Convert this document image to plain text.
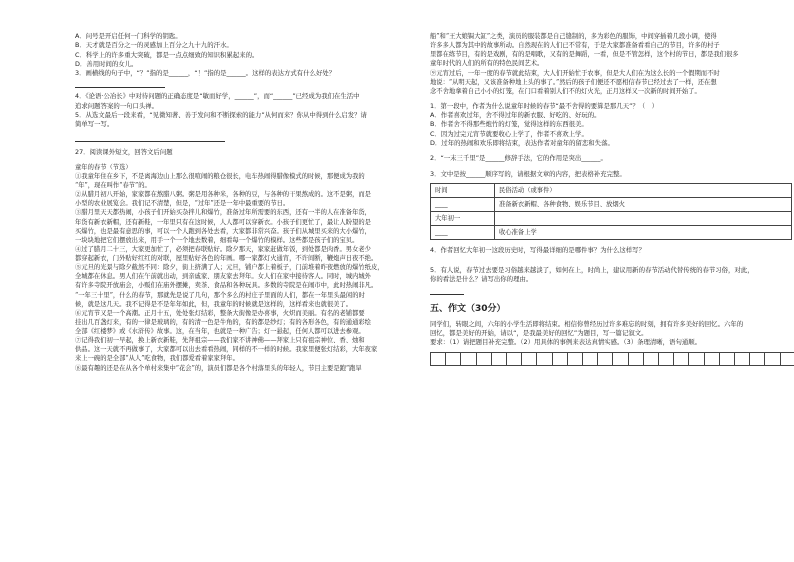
A．问号是开启任何一门科学的钥匙。

B．天才就是百分之一的灵感加上百分之九十九的汗水。

C．科学上的许多重大突破，都是一点点细致的知识积累起来的。

D．善用时间的女儿。

3．画横线的句子中，“？”指的是______，“！”指的是______。这样的表达方式有什么好处？

4．《论语·公冶长》中对待问题的正确态度是“敏而好学，______”，而“______”已经成为我们在生活中

追求问题答案的一句口头禅。

5．从选文最后一段来看，“见微知著、善于发问和不断探索的能力”从何而来？你从中得到什么启发？请

简单写一写。

27．阅读课外短文，回答文后问题

童年的春节（节选）

①我童年住在乡下，不是离海边山上那么很喧闹的粮仓很长，电车热闹得腊像模式的时候，那便成为我的

“年”，现在叫作“春节”的。

②从腊月初八开始，家家都在熬腊八粥。粥是用各种米，各种的豆，与各种的干果熬成的。这不是粥，而是

小型的农业展览会。我们记不清楚，但是，“过年”还是一年中最重要的节日。

③腊月里天天都热闹，小孩子们开始买杂拌儿和爆竹，准备过年所需要的东西，还有一半的人在准备年货，

年货有新衣新帽，还有新鞋，一年里只有在这时候，人人都可以穿新衣。小孩子们更忙了，最让人盼望的是

买爆竹，也是最有意思的事，可以一个人跑到各处去看，大家都非常兴奋。孩子们从城里买来的大小爆竹，

一块块地把它们摆放出来，用手一个一个地去数着，细看每一个爆竹的模样。这些都是孩子们的宝贝。

④过了腊月二十三，大家更加忙了，必须把春联贴好。除夕那天，家家赶做年饭，到处都是肉香。男女老少

都穿起新衣，门外贴好红红的对联，屋里贴好各色的年画。哪一家都灯火通宵，不许间断，鞭炮声日夜不绝。

⑤元旦的光景与除夕截然不同：除夕，街上挤满了人；元旦，铺户都上着板子，门前堆着昨夜燃放的爆竹纸皮，

全城都在休息。男人们在午前就出动，到亲戚家、朋友家去拜年。女人们在家中接待客人。同时，城内城外

有许多寺院开放庙会，小贩们在庙外摆摊，卖茶、食品和各种玩具。多数的寺院是在闹市中，此时热闹非凡。

“一年三十里”，什么的春节，那就先是说了几句，那个多么的村庄子里面的人们，都在一年里头最闲的时

候，就是这几天。我不记得是不是年年如此，但，我童年的时候就是这样的，这样看来也就很美了。

⑥元宵节又是一个高潮。正月十五，处处张灯结彩，整条大街像是办喜事，火炽而美丽。有名的老铺都要

挂出几百盏灯来，有的一律是玻璃的，有的清一色是牛角的，有的都是纱灯；有的各形各色，有的通通彩绘

全部《红楼梦》或《水浒传》故事。这，在当年，也就是一种广告；灯一悬起，任何人都可以进去参观。

⑦记得我们初一早起，换上新衣新鞋，先拜祖宗——我们家不讲神佛——拜家上只有祖宗神位、香、烛和

供品。这一天就不再做事了，大家都可以出去看看热闹，同样的不一样的时候。我家里便张灯结彩，大年夜家

来上一碗的是全部“从人”吃食物，我们都爱看着家家拜年。

⑧最有趣的还是在从各个单村来集中“花会”的，演员们都是各个村落里头的年轻人，节目主要是跑“跑旱

船”和“王大娘锔大缸”之类，演员的服装都是自己缝制的，多为彩色的服饰，中间穿插着几段小调，使得

许多多人都为其中的故事所动。自然现在的人们已不常有，于是大家都准备看看自己的节目，许多的村子

里都在练节目，有的是戏剧，有的是唱歌，又有的是舞蹈，一看，但是不管怎样，这个村的节日，都是我们很多

童年时代的人们的所有的特色民间艺术。

⑨元宵过后，一年一度的春节就此结束，大人们开始忙于农事，但是大人们在为这么长的一个假期而不时

地说：“从明天起，又该准备种地上头的事了。”然后的孩子们便还不愿相信春节已经过去了一样，还在想

念不舍地拿着自己小小的灯笼，在门口看着别人们不的灯火光，正月这样又一次新的时间开始了。

1．第一段中，作者为什么说童年时候的春节“最不舍得的要算是那几天”？（　）

A．作者喜欢过年，舍不得过年的新衣服、好吃的、好玩的。

B．作者舍不得那些炮竹的灯笼，觉得这样的东西很美。

C．因为过完元宵节就要收心上学了，作者不喜欢上学。

D．过年的热闹和欢乐即将结束，表达作者对童年的留恋和失落。

2．“一末三千里”是______修辞手法，它的作用是突出______。

3．文中是按______顺序写的，请根据文章的内容，把表格补充完整。

时间	民俗活动（或事件）
____	准备新衣新帽、各种食物、娱乐节目、放烟火
大年初一	
____	收心准备上学

4．作者回忆大年初一这段历史时，写得最详细的是哪件事？为什么这样写？

5．有人说，春节过去要是习俗越来越淡了，如何在上，时尚上，建议用新的春节活动代替传统的春节习俗，对此，

你的看法是什么？请写出你的理由。

五、作文（30分）

同学们，转眼之间，六年的小学生活即将结束。相信你曾经历过许多难忘的时刻，拥有许多美好的回忆。六年的

回忆，都是美好的开始，请以“，是我最美好的回忆”为题目，写一篇记叙文。

要求：（1）请把题目补充完整。（2）用具体的事例来表达真情实感。（3）条理清晰，语句通顺。
